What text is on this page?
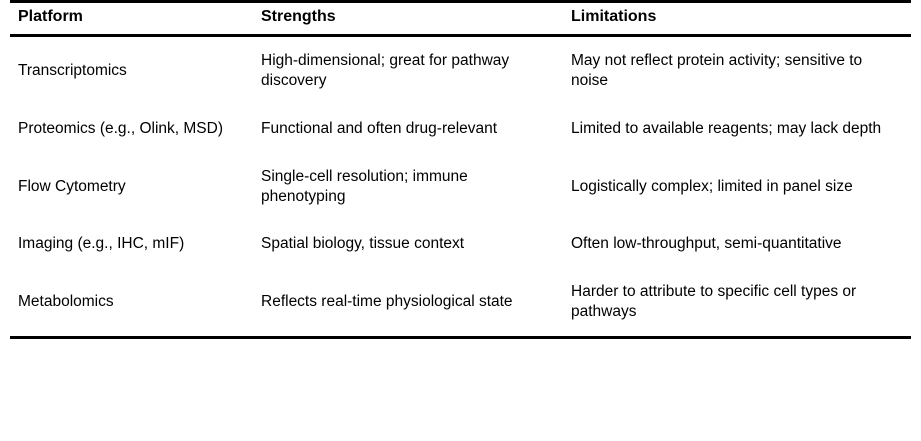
Platform	Strengths	Limitations

Transcriptomics	High-dimensional; great for pathway discovery	May not reflect protein activity; sensitive to noise

Proteomics (e.g., Olink, MSD)	Functional and often drug-relevant	Limited to available reagents; may lack depth

Flow Cytometry	Single-cell resolution; immune phenotyping	Logistically complex; limited in panel size

Imaging (e.g., IHC, mIF)	Spatial biology, tissue context	Often low-throughput, semi-quantitative

Metabolomics	Reflects real-time physiological state	Harder to attribute to specific cell types or pathways
